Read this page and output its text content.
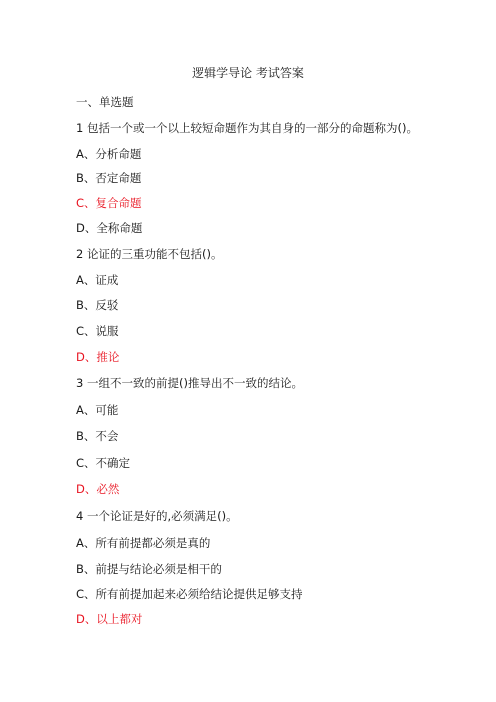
逻辑学导论 考试答案
一、单选题
1 包括一个或一个以上较短命题作为其自身的一部分的命题称为()。
A、分析命题
B、否定命题
C、复合命题
D、全称命题
2 论证的三重功能不包括()。
A、证成
B、反驳
C、说服
D、推论
3 一组不一致的前提()推导出不一致的结论。
A、可能
B、不会
C、不确定
D、必然
4 一个论证是好的,必须满足()。
A、所有前提都必须是真的
B、前提与结论必须是相干的
C、所有前提加起来必须给结论提供足够支持
D、以上都对
